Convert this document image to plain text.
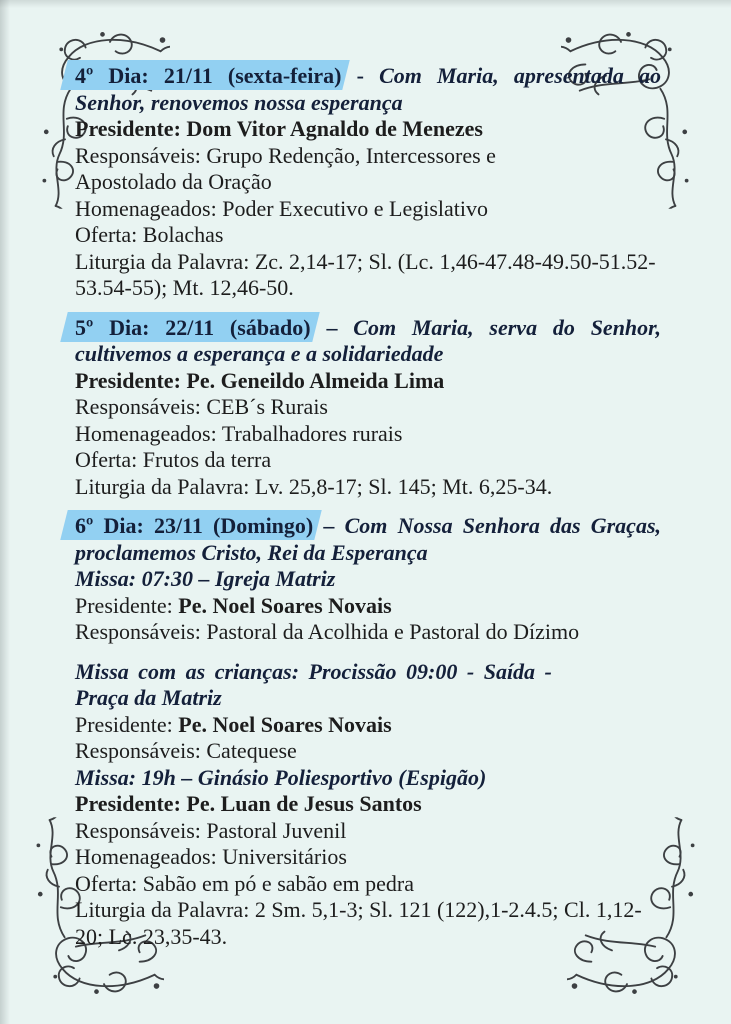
4º Dia: 21/11 (sexta-feira) - Com Maria, apresentada ao
Senhor, renovemos nossa esperança
Presidente: Dom Vitor Agnaldo de Menezes
Responsáveis: Grupo Redenção, Intercessores e
Apostolado da Oração
Homenageados: Poder Executivo e Legislativo
Oferta: Bolachas
Liturgia da Palavra: Zc. 2,14-17; Sl. (Lc. 1,46-47.48-49.50-51.52-
53.54-55); Mt. 12,46-50.
5º Dia: 22/11 (sábado) – Com Maria, serva do Senhor,
cultivemos a esperança e a solidariedade
Presidente: Pe. Geneildo Almeida Lima
Responsáveis: CEB´s Rurais
Homenageados: Trabalhadores rurais
Oferta: Frutos da terra
Liturgia da Palavra: Lv. 25,8-17; Sl. 145; Mt. 6,25-34.
6º Dia: 23/11 (Domingo) – Com Nossa Senhora das Graças,
proclamemos Cristo, Rei da Esperança
Missa: 07:30 – Igreja Matriz
Presidente: Pe. Noel Soares Novais
Responsáveis: Pastoral da Acolhida e Pastoral do Dízimo
Missa com as crianças: Procissão 09:00 - Saída -
Praça da Matriz
Presidente: Pe. Noel Soares Novais
Responsáveis: Catequese
Missa: 19h – Ginásio Poliesportivo (Espigão)
Presidente: Pe. Luan de Jesus Santos
Responsáveis: Pastoral Juvenil
Homenageados: Universitários
Oferta: Sabão em pó e sabão em pedra
Liturgia da Palavra: 2 Sm. 5,1-3; Sl. 121 (122),1-2.4.5; Cl. 1,12-
20; Lc. 23,35-43.
